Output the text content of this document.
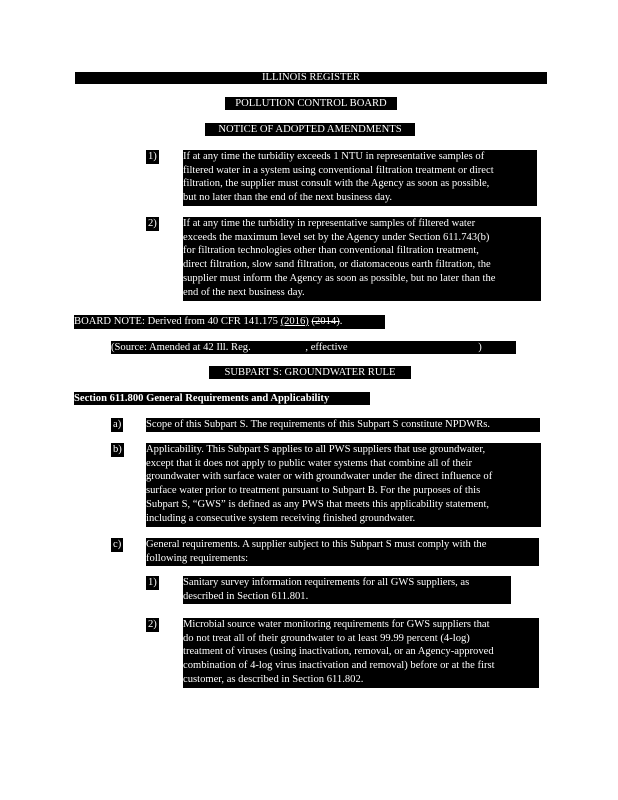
ILLINOIS REGISTER
POLLUTION CONTROL BOARD
NOTICE OF ADOPTED AMENDMENTS
1) If at any time the turbidity exceeds 1 NTU in representative samples of
filtered water in a system using conventional filtration treatment or direct
filtration, the supplier must consult with the Agency as soon as possible,
but no later than the end of the next business day.
2) If at any time the turbidity in representative samples of filtered water
exceeds the maximum level set by the Agency under Section 611.743(b)
for filtration technologies other than conventional filtration treatment,
direct filtration, slow sand filtration, or diatomaceous earth filtration, the
supplier must inform the Agency as soon as possible, but no later than the
end of the next business day.
BOARD NOTE: Derived from 40 CFR 141.175 (2016) (2014).
(Source: Amended at 42 Ill. Reg.	, effective	)
SUBPART S: GROUNDWATER RULE
Section 611.800 General Requirements and Applicability
a) Scope of this Subpart S. The requirements of this Subpart S constitute NPDWRs.
b) Applicability. This Subpart S applies to all PWS suppliers that use groundwater,
except that it does not apply to public water systems that combine all of their
groundwater with surface water or with groundwater under the direct influence of
surface water prior to treatment pursuant to Subpart B. For the purposes of this
Subpart S, “GWS” is defined as any PWS that meets this applicability statement,
including a consecutive system receiving finished groundwater.
c) General requirements. A supplier subject to this Subpart S must comply with the
following requirements:
1) Sanitary survey information requirements for all GWS suppliers, as
described in Section 611.801.
2) Microbial source water monitoring requirements for GWS suppliers that
do not treat all of their groundwater to at least 99.99 percent (4-log)
treatment of viruses (using inactivation, removal, or an Agency-approved
combination of 4-log virus inactivation and removal) before or at the first
customer, as described in Section 611.802.
